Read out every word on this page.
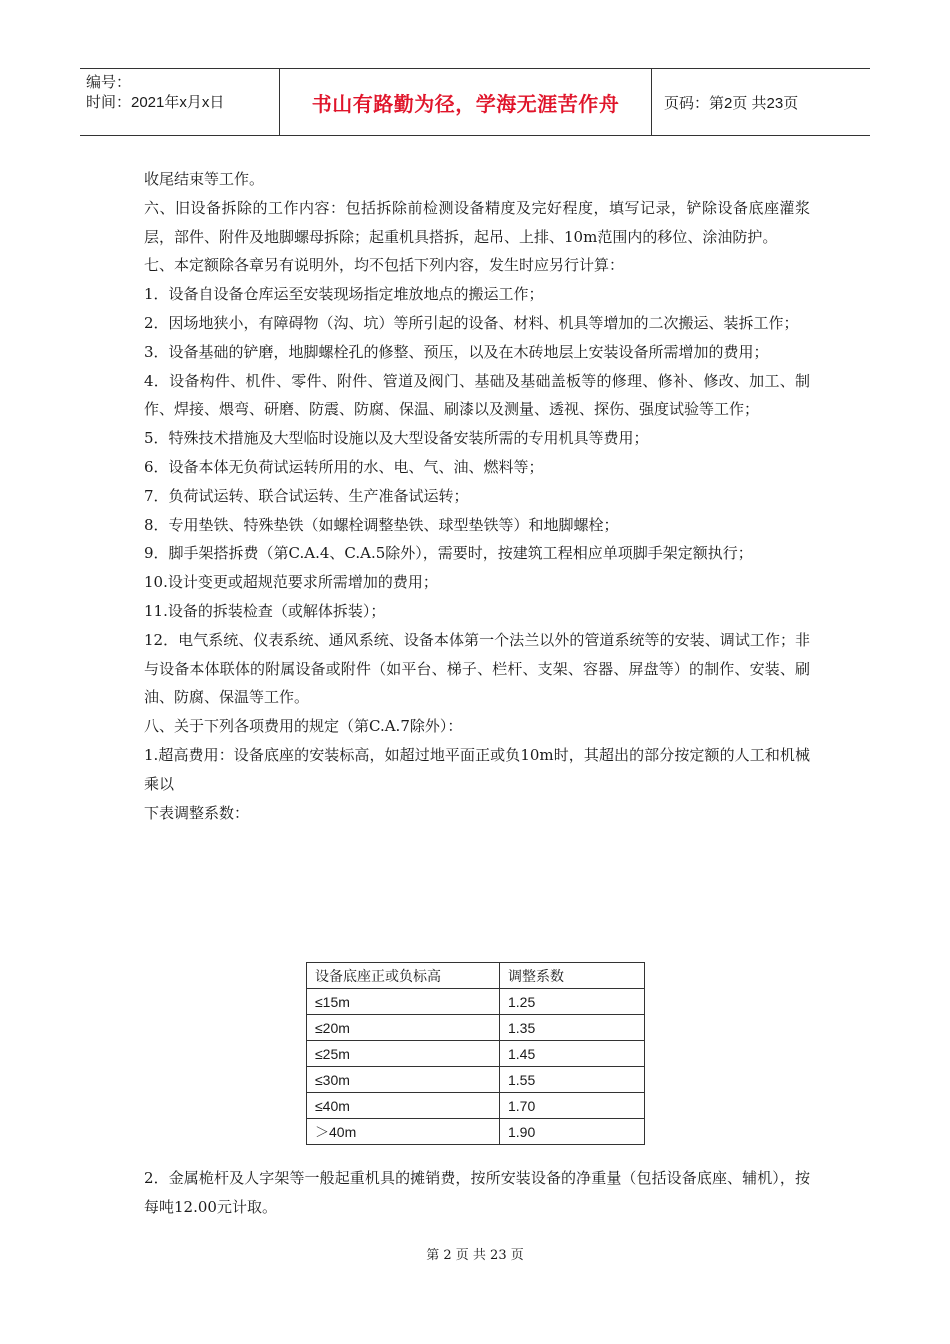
编号：
时间：2021年x月x日	书山有路勤为径，学海无涯苦作舟	页码：第2页 共23页

收尾结束等工作。

六、旧设备拆除的工作内容：包括拆除前检测设备精度及完好程度，填写记录，铲除设备底座灌浆层，部件、附件及地脚螺母拆除；起重机具搭拆，起吊、上排、10m范围内的移位、涂油防护。

七、本定额除各章另有说明外，均不包括下列内容，发生时应另行计算：

1．设备自设备仓库运至安装现场指定堆放地点的搬运工作；

2．因场地狭小，有障碍物（沟、坑）等所引起的设备、材料、机具等增加的二次搬运、装拆工作；

3．设备基础的铲磨，地脚螺栓孔的修整、预压，以及在木砖地层上安装设备所需增加的费用；

4．设备构件、机件、零件、附件、管道及阀门、基础及基础盖板等的修理、修补、修改、加工、制作、焊接、煨弯、研磨、防震、防腐、保温、刷漆以及测量、透视、探伤、强度试验等工作；

5．特殊技术措施及大型临时设施以及大型设备安装所需的专用机具等费用；

6．设备本体无负荷试运转所用的水、电、气、油、燃料等；

7．负荷试运转、联合试运转、生产准备试运转；

8．专用垫铁、特殊垫铁（如螺栓调整垫铁、球型垫铁等）和地脚螺栓；

9．脚手架搭拆费（第C.A.4、C.A.5除外），需要时，按建筑工程相应单项脚手架定额执行；

10.设计变更或超规范要求所需增加的费用；

11.设备的拆装检查（或解体拆装）；

12．电气系统、仪表系统、通风系统、设备本体第一个法兰以外的管道系统等的安装、调试工作；非与设备本体联体的附属设备或附件（如平台、梯子、栏杆、支架、容器、屏盘等）的制作、安装、刷油、防腐、保温等工作。

八、关于下列各项费用的规定（第C.A.7除外）：

1.超高费用：设备底座的安装标高，如超过地平面正或负10m时，其超出的部分按定额的人工和机械乘以

下表调整系数：

设备底座正或负标高	调整系数
≤15m	1.25
≤20m	1.35
≤25m	1.45
≤30m	1.55
≤40m	1.70
＞40m	1.90

2．金属桅杆及人字架等一般起重机具的摊销费，按所安装设备的净重量（包括设备底座、辅机），按每吨12.00元计取。

第 2 页 共 23 页
